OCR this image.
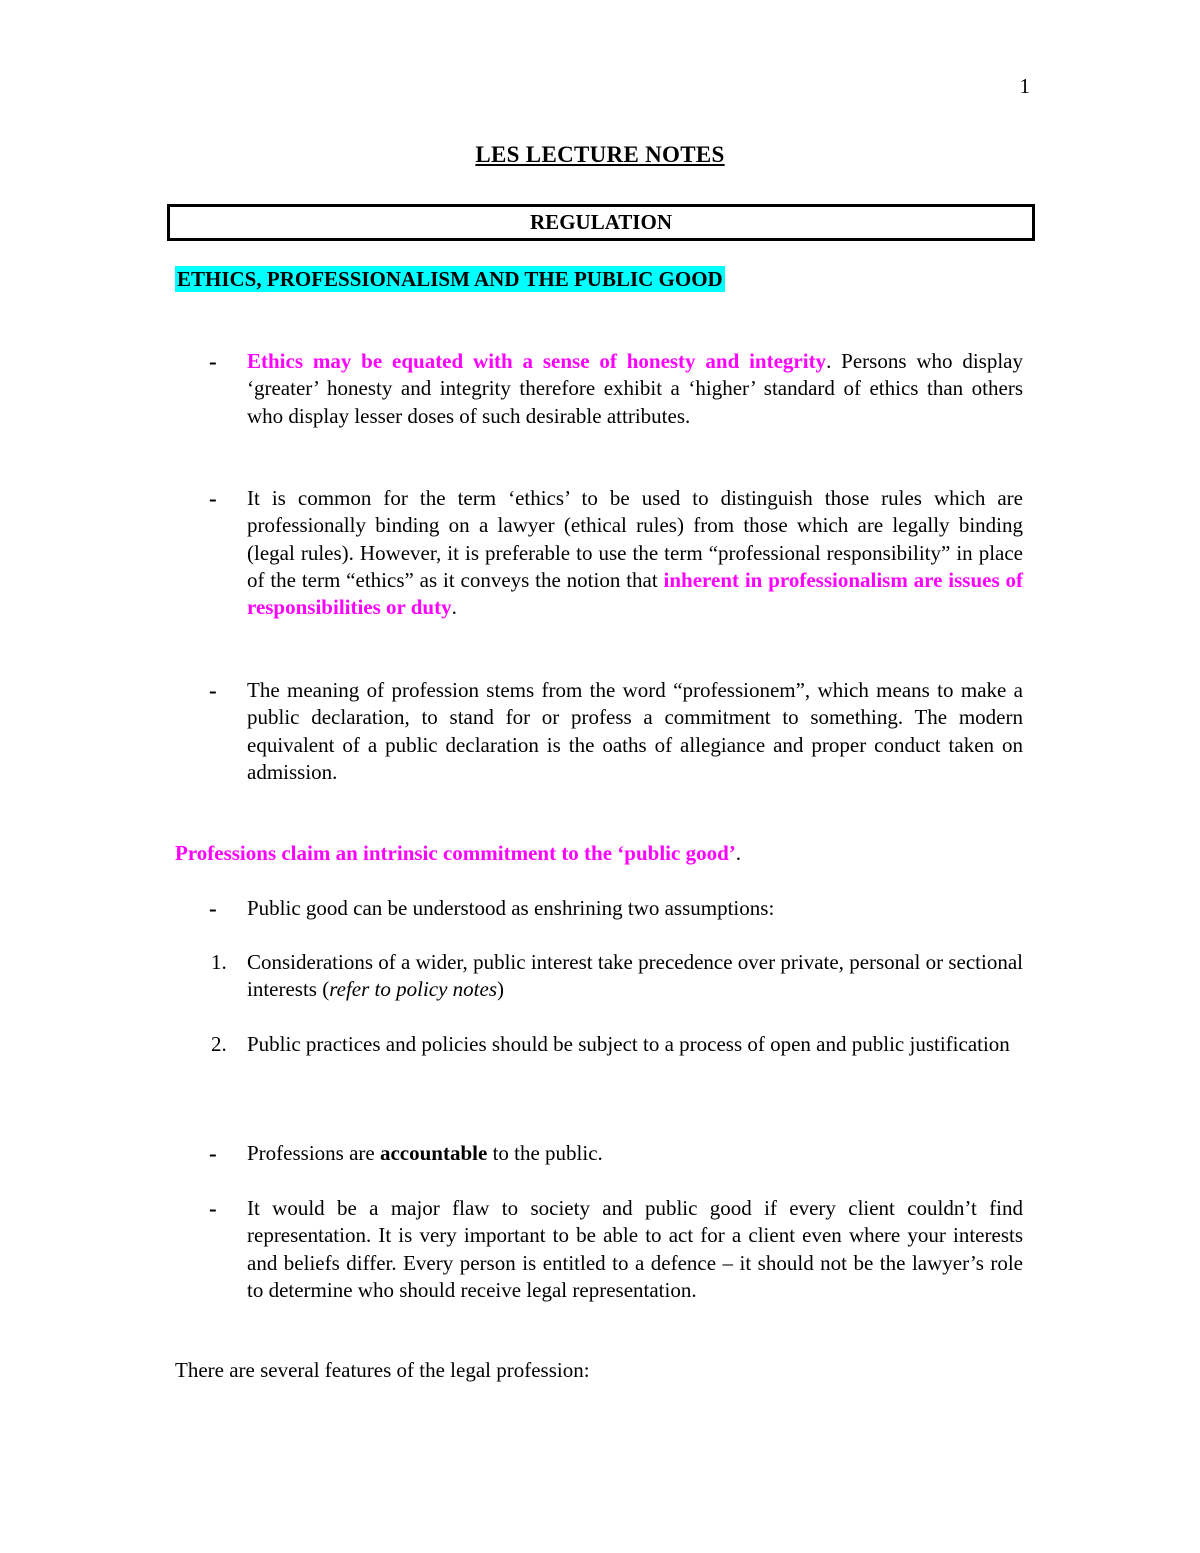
1
LES LECTURE NOTES
REGULATION
ETHICS, PROFESSIONALISM AND THE PUBLIC GOOD
- Ethics may be equated with a sense of honesty and integrity. Persons who display ‘greater’ honesty and integrity therefore exhibit a ‘higher’ standard of ethics than others who display lesser doses of such desirable attributes.
- It is common for the term ‘ethics’ to be used to distinguish those rules which are professionally binding on a lawyer (ethical rules) from those which are legally binding (legal rules). However, it is preferable to use the term “professional responsibility” in place of the term “ethics” as it conveys the notion that inherent in professionalism are issues of responsibilities or duty.
- The meaning of profession stems from the word “professionem”, which means to make a public declaration, to stand for or profess a commitment to something. The modern equivalent of a public declaration is the oaths of allegiance and proper conduct taken on admission.
Professions claim an intrinsic commitment to the ‘public good’.
- Public good can be understood as enshrining two assumptions:
1. Considerations of a wider, public interest take precedence over private, personal or sectional interests (refer to policy notes)
2. Public practices and policies should be subject to a process of open and public justification
- Professions are accountable to the public.
- It would be a major flaw to society and public good if every client couldn’t find representation. It is very important to be able to act for a client even where your interests and beliefs differ. Every person is entitled to a defence – it should not be the lawyer’s role to determine who should receive legal representation.
There are several features of the legal profession:
